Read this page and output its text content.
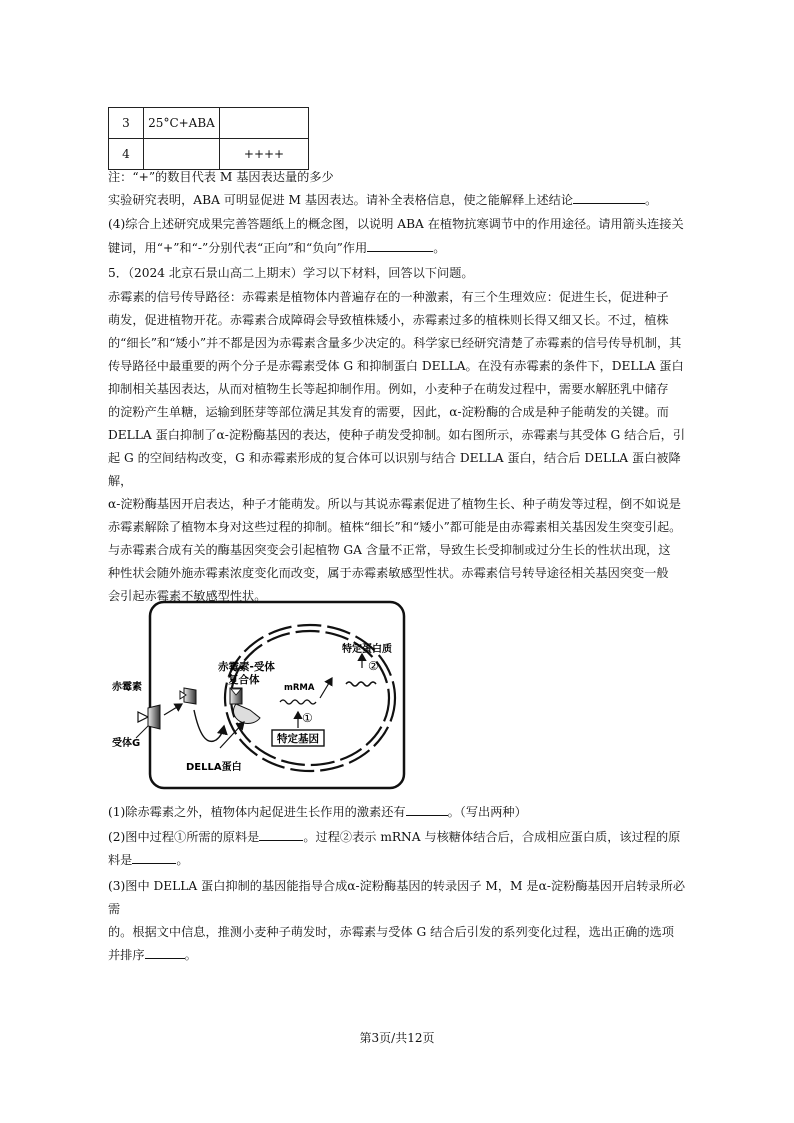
3	25°C+ABA	
4		++++
注：“+”的数目代表 M 基因表达量的多少
实验研究表明，ABA 可明显促进 M 基因表达。请补全表格信息，使之能解释上述结论	。
(4)综合上述研究成果完善答题纸上的概念图，以说明 ABA 在植物抗寒调节中的作用途径。请用箭头连接关
键词，用“+”和“-”分别代表“正向”和“负向”作用	。
5．（2024 北京石景山高二上期末）学习以下材料，回答以下问题。
赤霉素的信号传导路径：赤霉素是植物体内普遍存在的一种激素，有三个生理效应：促进生长，促进种子
萌发，促进植物开花。赤霉素合成障碍会导致植株矮小，赤霉素过多的植株则长得又细又长。不过，植株
的“细长”和“矮小”并不都是因为赤霉素含量多少决定的。科学家已经研究清楚了赤霉素的信号传导机制，其
传导路径中最重要的两个分子是赤霉素受体 G 和抑制蛋白 DELLA。在没有赤霉素的条件下，DELLA 蛋白
抑制相关基因表达，从而对植物生长等起抑制作用。例如，小麦种子在萌发过程中，需要水解胚乳中储存
的淀粉产生单糖，运输到胚芽等部位满足其发育的需要，因此，α-淀粉酶的合成是种子能萌发的关键。而
DELLA 蛋白抑制了α-淀粉酶基因的表达，使种子萌发受抑制。如右图所示，赤霉素与其受体 G 结合后，引
起 G 的空间结构改变，G 和赤霉素形成的复合体可以识别与结合 DELLA 蛋白，结合后 DELLA 蛋白被降解，
α-淀粉酶基因开启表达，种子才能萌发。所以与其说赤霉素促进了植物生长、种子萌发等过程，倒不如说是
赤霉素解除了植物本身对这些过程的抑制。植株“细长”和“矮小”都可能是由赤霉素相关基因发生突变引起。
与赤霉素合成有关的酶基因突变会引起植物 GA 含量不正常，导致生长受抑制或过分生长的性状出现，这
种性状会随外施赤霉素浓度变化而改变，属于赤霉素敏感型性状。赤霉素信号转导途径相关基因突变一般
会引起赤霉素不敏感型性状。
赤霉素-受体
复合体
DELLA蛋白
特定基因
①
mRMA
②
特定蛋白质
赤霉素
受体G
(1)除赤霉素之外，植物体内起促进生长作用的激素还有	。（写出两种）
(2)图中过程①所需的原料是	。过程②表示 mRNA 与核糖体结合后，合成相应蛋白质，该过程的原
料是	。
(3)图中 DELLA 蛋白抑制的基因能指导合成α-淀粉酶基因的转录因子 M，M 是α-淀粉酶基因开启转录所必需
的。根据文中信息，推测小麦种子萌发时，赤霉素与受体 G 结合后引发的系列变化过程，选出正确的选项
并排序	。
第3页/共12页
